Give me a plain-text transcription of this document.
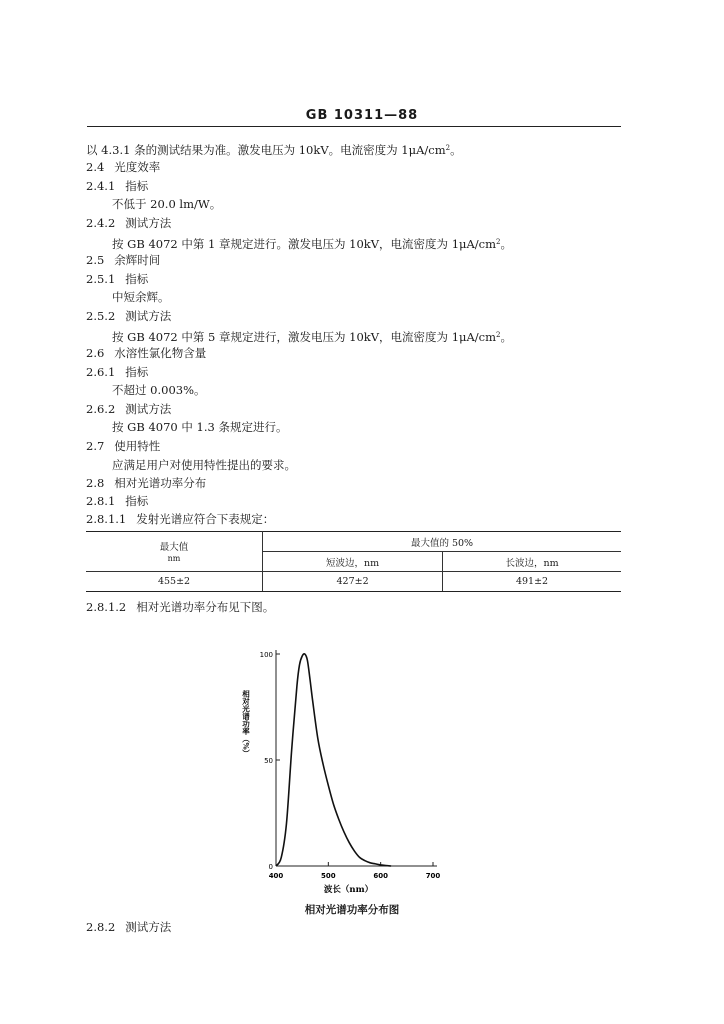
GB 10311—88
以 4.3.1 条的测试结果为准。激发电压为 10kV。电流密度为 $1\mu A/cm^2$。
2.4 光度效率
2.4.1 指标
不低于 20.0 lm/W。
2.4.2 测试方法
按 GB 4072 中第 1 章规定进行。激发电压为 10kV，电流密度为 $1\mu A/cm^2$。
2.5 余辉时间
2.5.1 指标
中短余辉。
2.5.2 测试方法
按 GB 4072 中第 5 章规定进行，激发电压为 10kV，电流密度为 $1\mu A/cm^2$。
2.6 水溶性氯化物含量
2.6.1 指标
不超过 0.003%。
2.6.2 测试方法
按 GB 4070 中 1.3 条规定进行。
2.7 使用特性
应满足用户对使用特性提出的要求。
2.8 相对光谱功率分布
2.8.1 指标
2.8.1.1 发射光谱应符合下表规定：
最大值
nm	最大值的 50%	
	短波边，nm	长波边，nm
455±2	427±2	491±2
2.8.1.2 相对光谱功率分布见下图。
0
50
100
400	500	600	700
波长（nm）
相对光谱功率（%）
相对光谱功率分布图
2.8.2 测试方法
